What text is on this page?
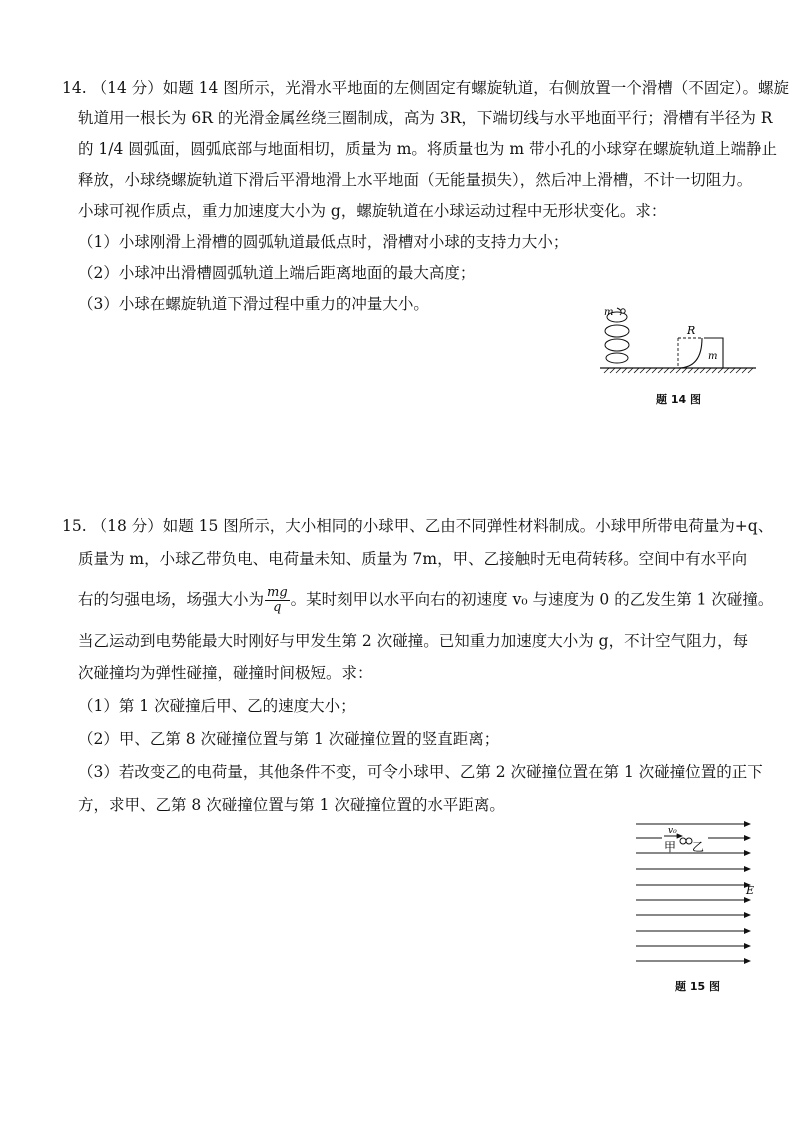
14. （14 分）如题 14 图所示，光滑水平地面的左侧固定有螺旋轨道，右侧放置一个滑槽（不固定）。螺旋
轨道用一根长为 6R 的光滑金属丝绕三圈制成，高为 3R，下端切线与水平地面平行；滑槽有半径为 R
的 1/4 圆弧面，圆弧底部与地面相切，质量为 m。将质量也为 m 带小孔的小球穿在螺旋轨道上端静止
释放，小球绕螺旋轨道下滑后平滑地滑上水平地面（无能量损失），然后冲上滑槽，不计一切阻力。
小球可视作质点，重力加速度大小为 g，螺旋轨道在小球运动过程中无形状变化。求：
（1）小球刚滑上滑槽的圆弧轨道最低点时，滑槽对小球的支持力大小；
（2）小球冲出滑槽圆弧轨道上端后距离地面的最大高度；
（3）小球在螺旋轨道下滑过程中重力的冲量大小。	m
R
m
题 14 图
15. （18 分）如题 15 图所示，大小相同的小球甲、乙由不同弹性材料制成。小球甲所带电荷量为+q、
质量为 m，小球乙带负电、电荷量未知、质量为 7m，甲、乙接触时无电荷转移。空间中有水平向
右的匀强电场，场强大小为 $\frac{mg}{q}$ 。某时刻甲以水平向右的初速度 v₀ 与速度为 0 的乙发生第 1 次碰撞。
当乙运动到电势能最大时刚好与甲发生第 2 次碰撞。已知重力加速度大小为 g，不计空气阻力，每
次碰撞均为弹性碰撞，碰撞时间极短。求：
（1）第 1 次碰撞后甲、乙的速度大小；
（2）甲、乙第 8 次碰撞位置与第 1 次碰撞位置的竖直距离；
（3）若改变乙的电荷量，其他条件不变，可令小球甲、乙第 2 次碰撞位置在第 1 次碰撞位置的正下
方，求甲、乙第 8 次碰撞位置与第 1 次碰撞位置的水平距离。
v₀
甲 乙
E
题 15 图
